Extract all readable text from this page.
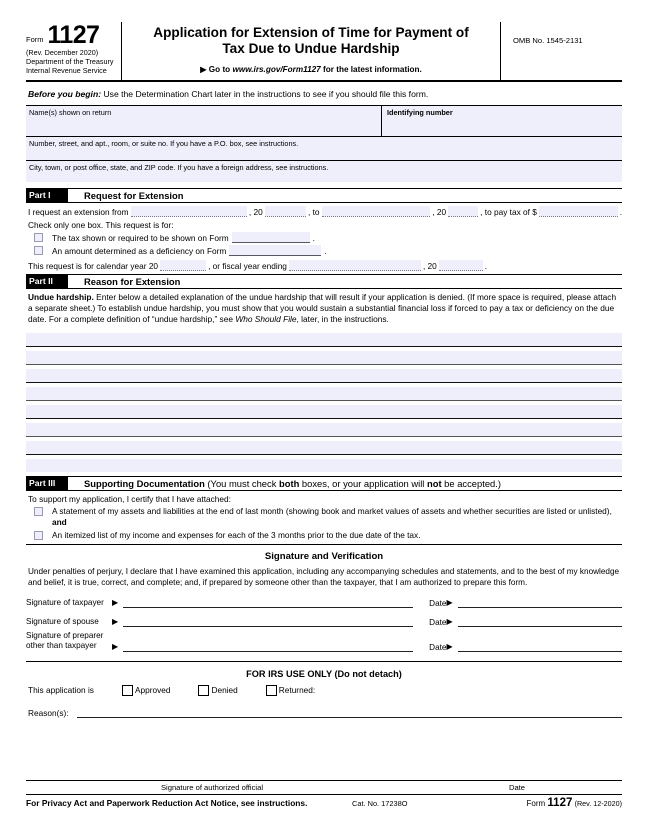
Form 1127
(Rev. December 2020)
Department of the Treasury
Internal Revenue Service
Application for Extension of Time for Payment of
Tax Due to Undue Hardship
▶ Go to www.irs.gov/Form1127 for the latest information.
OMB No. 1545-2131
Before you begin: Use the Determination Chart later in the instructions to see if you should file this form.
Name(s) shown on return	Identifying number
Number, street, and apt., room, or suite no. If you have a P.O. box, see instructions.
City, town, or post office, state, and ZIP code. If you have a foreign address, see instructions.
Part I	Request for Extension
I request an extension from	, 20	, to	, 20	, to pay tax of $	.
Check only one box. This request is for:
The tax shown or required to be shown on Form	.
An amount determined as a deficiency on Form	.
This request is for calendar year 20	, or fiscal year ending	, 20	.
Part II	Reason for Extension
Undue hardship. Enter below a detailed explanation of the undue hardship that will result if your application is denied. (If more space is required, please attach a separate sheet.) To establish undue hardship, you must show that you would sustain a substantial financial loss if forced to pay a tax or deficiency on the due date. For a complete definition of “undue hardship,” see Who Should File, later, in the instructions.
Part III	Supporting Documentation (You must check both boxes, or your application will not be accepted.)
To support my application, I certify that I have attached:
A statement of my assets and liabilities at the end of last month (showing book and market values of assets and whether securities are listed or unlisted), and
An itemized list of my income and expenses for each of the 3 months prior to the due date of the tax.
Signature and Verification
Under penalties of perjury, I declare that I have examined this application, including any accompanying schedules and statements, and to the best of my knowledge and belief, it is true, correct, and complete; and, if prepared by someone other than the taxpayer, that I am authorized to prepare this form.
Signature of taxpayer	▶	Date ▶
Signature of spouse	▶	Date ▶
Signature of preparer
other than taxpayer	▶	Date ▶
FOR IRS USE ONLY (Do not detach)
This application is	Approved	Denied	Returned:
Reason(s):
Signature of authorized official	Date
For Privacy Act and Paperwork Reduction Act Notice, see instructions.	Cat. No. 17238O	Form 1127 (Rev. 12-2020)
